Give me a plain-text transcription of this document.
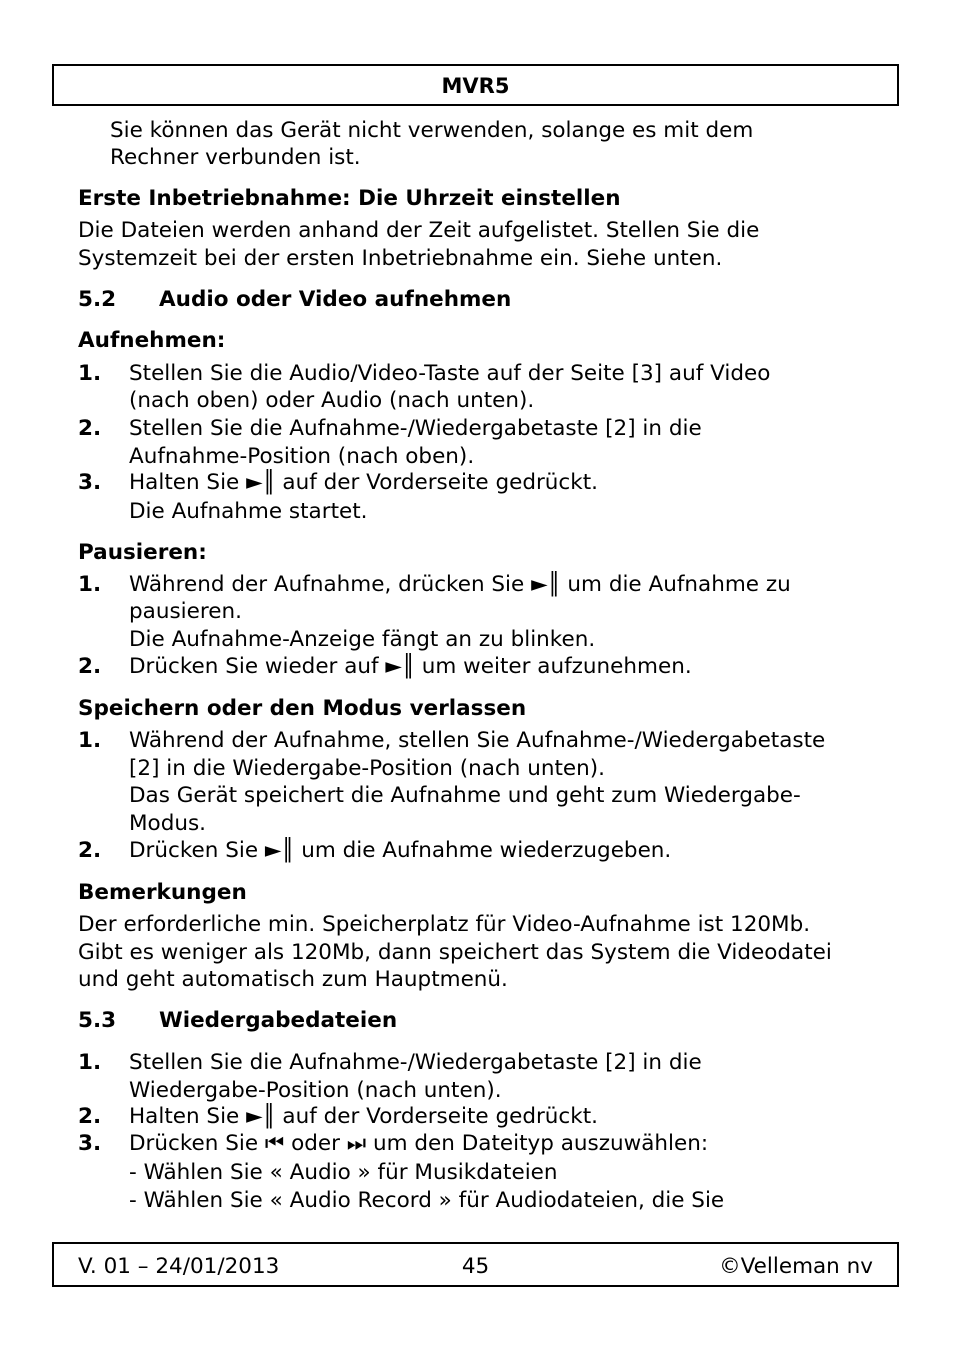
MVR5
Sie können das Gerät nicht verwenden, solange es mit dem
Rechner verbunden ist.
Erste Inbetriebnahme: Die Uhrzeit einstellen
Die Dateien werden anhand der Zeit aufgelistet. Stellen Sie die
Systemzeit bei der ersten Inbetriebnahme ein. Siehe unten.
5.2 Audio oder Video aufnehmen
Aufnehmen:
1. Stellen Sie die Audio/Video-Taste auf der Seite [3] auf Video
(nach oben) oder Audio (nach unten).
2. Stellen Sie die Aufnahme-/Wiedergabetaste [2] in die
Aufnahme-Position (nach oben).
3. Halten Sie ►║ auf der Vorderseite gedrückt.
Die Aufnahme startet.
Pausieren:
1. Während der Aufnahme, drücken Sie ►║ um die Aufnahme zu
pausieren.
Die Aufnahme-Anzeige fängt an zu blinken.
2. Drücken Sie wieder auf ►║ um weiter aufzunehmen.
Speichern oder den Modus verlassen
1. Während der Aufnahme, stellen Sie Aufnahme-/Wiedergabetaste
[2] in die Wiedergabe-Position (nach unten).
Das Gerät speichert die Aufnahme und geht zum Wiedergabe-
Modus.
2. Drücken Sie ►║ um die Aufnahme wiederzugeben.
Bemerkungen
Der erforderliche min. Speicherplatz für Video-Aufnahme ist 120Mb.
Gibt es weniger als 120Mb, dann speichert das System die Videodatei
und geht automatisch zum Hauptmenü.
5.3 Wiedergabedateien
1. Stellen Sie die Aufnahme-/Wiedergabetaste [2] in die
Wiedergabe-Position (nach unten).
2. Halten Sie ►║ auf der Vorderseite gedrückt.
3. Drücken Sie ⏮ oder ⏭ um den Dateityp auszuwählen:
- Wählen Sie « Audio » für Musikdateien
- Wählen Sie « Audio Record » für Audiodateien, die Sie
V. 01 – 24/01/2013	45	©Velleman nv
